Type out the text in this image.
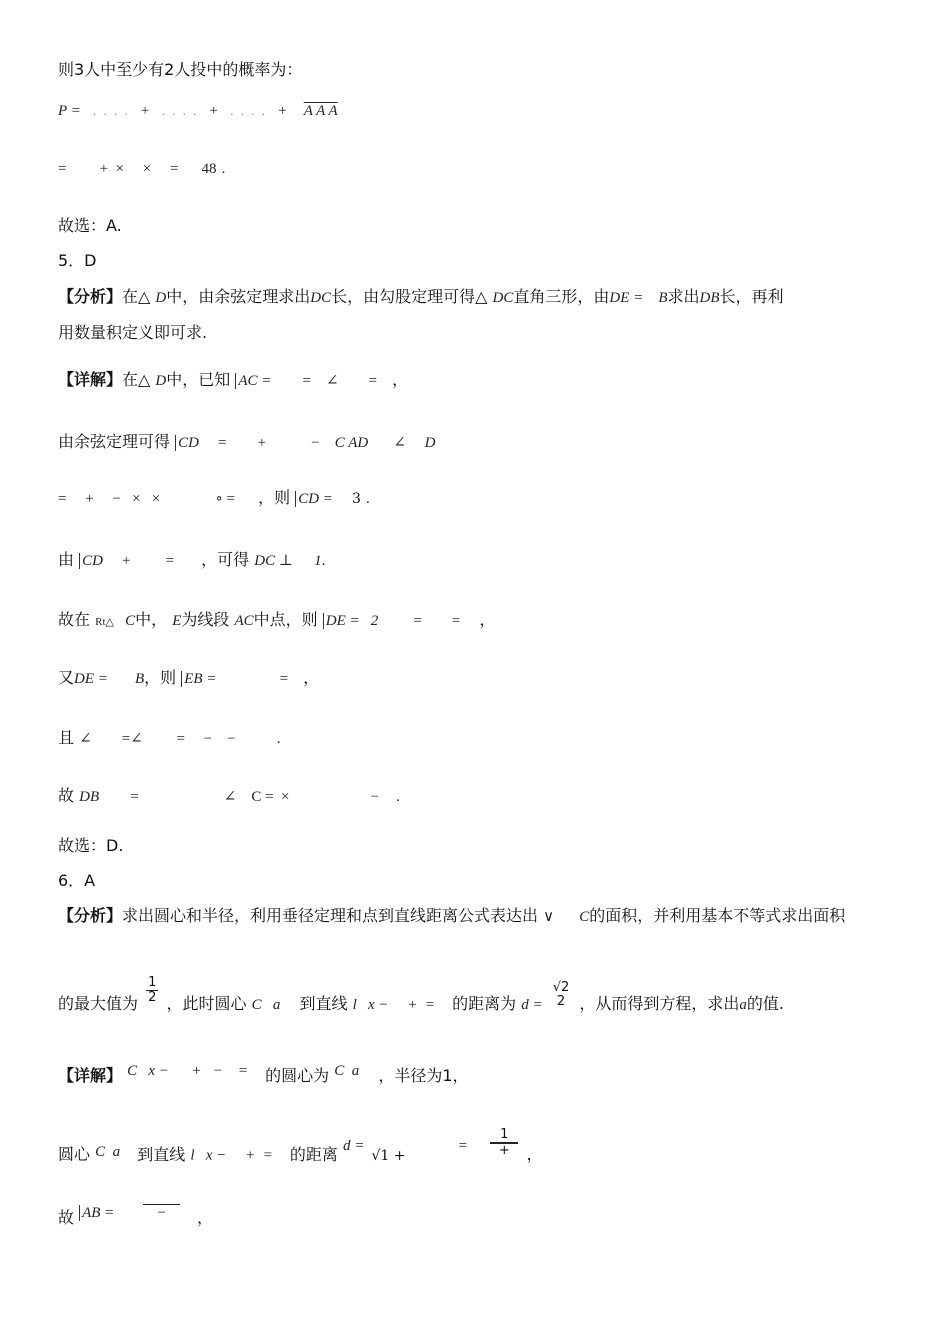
则3人中至少有2人投中的概率为：
P =   .  .  .  . +   .  .  .  . +   .  .  .  . + A A A
= +  ×     ×     = 48 .
故选：A.
5．D
【分析】在△ D中，由余弦定理求出DC长，由勾股定理可得△ DC直角三形，由DE = B求出DB长，再利
用数量积定义即可求.
【详解】在△ D中，已知 AC = =    ∠        = ，
由余弦定理可得 CD = +	− C AD ∠     D
=     +     −   ×   ×	∘ = ，则 CD = 3 .
由 CD + = ，可得 DC ⊥ 1.
故在 Rt△ C中， E为线段 AC中点，则 DE = 2 =        = ，
又DE = B，则 EB =	= ，
且 ∠        =∠         =     −    −	.
故 DB =	∠    C =  ×	− .
故选：D.
6．A
【分析】求出圆心和半径，利用垂径定理和点到直线距离公式表达出 ∨ C的面积，并利用基本不等式求出面积
的最大值为 $\frac{1}{2}$ ，此时圆心 C   a 到直线 l   x −     +  = 的距离为 d =
√2
2 ，从而得到方程，求出a的值.
【详解】 C   x −      +   −    = 的圆心为 C  a ，半径为1，
圆心 C  a 到直线 l   x −     +  = 的距离 d = √1 + = $\frac{1}{+}$ ，
故 AB =	− ，
